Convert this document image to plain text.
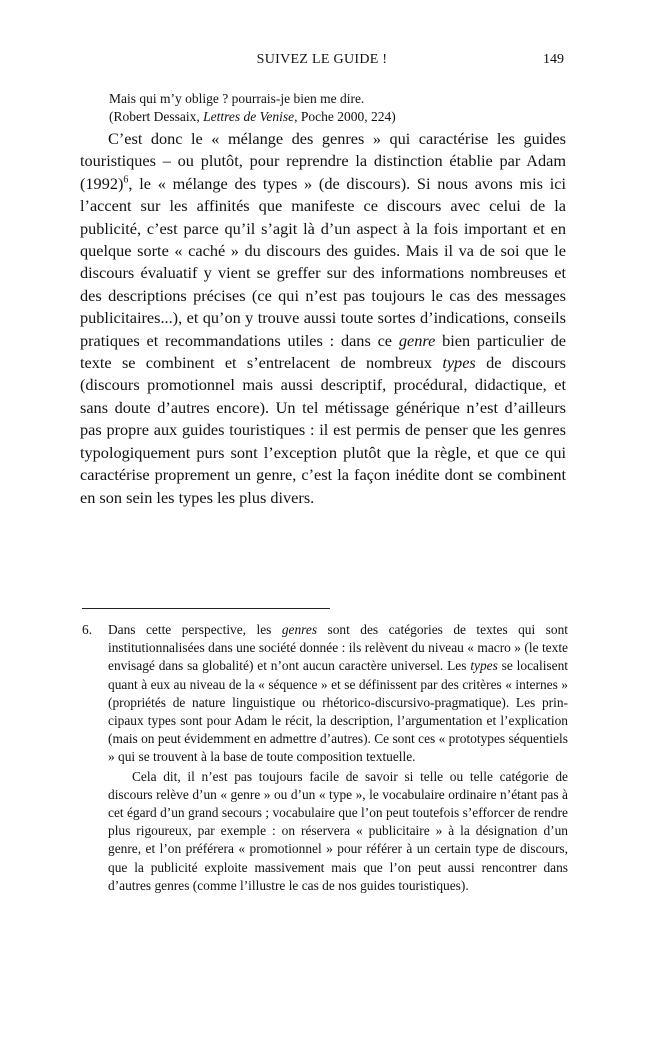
SUIVEZ LE GUIDE !	149

Mais qui m’y oblige ? pourrais-je bien me dire.

(Robert Dessaix, Lettres de Venise, Poche 2000, 224)

C’est donc le « mélange des genres » qui caractérise les guides touristiques – ou plutôt, pour reprendre la distinction établie par Adam $(1992)^6$, le « mélange des types » (de discours). Si nous avons mis ici l’accent sur les affinités que manifeste ce discours avec celui de la publicité, c’est parce qu’il s’agit là d’un aspect à la fois important et en quelque sorte « caché » du discours des guides. Mais il va de soi que le discours évaluatif y vient se greffer sur des informations nombreuses et des descriptions précises (ce qui n’est pas toujours le cas des messages publicitaires...), et qu’on y trouve aussi toute sortes d’indications, conseils pratiques et recommandations utiles : dans ce genre bien particulier de texte se combinent et s’entrelacent de nombreux types de discours (discours promotionnel mais aussi descriptif, procédural, didactique, et sans doute d’autres encore). Un tel métissage générique n’est d’ailleurs pas propre aux guides touristiques : il est permis de penser que les genres typologiquement purs sont l’exception plutôt que la règle, et que ce qui caractérise proprement un genre, c’est la façon inédite dont se combinent en son sein les types les plus divers.

6. Dans cette perspective, les genres sont des catégories de textes qui sont institutionnalisées dans une société donnée : ils relèvent du niveau « macro » (le texte envisagé dans sa globalité) et n’ont aucun caractère universel. Les types se localisent quant à eux au niveau de la « séquence » et se définissent par des critères « internes » (propriétés de nature linguistique ou rhétorico-discursivo-pragmatique). Les principaux types sont pour Adam le récit, la description, l’argumentation et l’explication (mais on peut évidemment en admettre d’autres). Ce sont ces « prototypes séquentiels » qui se trouvent à la base de toute composition textuelle.

Cela dit, il n’est pas toujours facile de savoir si telle ou telle catégorie de discours relève d’un « genre » ou d’un « type », le vocabulaire ordinaire n’étant pas à cet égard d’un grand secours ; vocabulaire que l’on peut toutefois s’efforcer de rendre plus rigoureux, par exemple : on réservera « publicitaire » à la désignation d’un genre, et l’on préférera « promotionnel » pour référer à un certain type de discours, que la publicité exploite massivement mais que l’on peut aussi rencontrer dans d’autres genres (comme l’illustre le cas de nos guides touristiques).
